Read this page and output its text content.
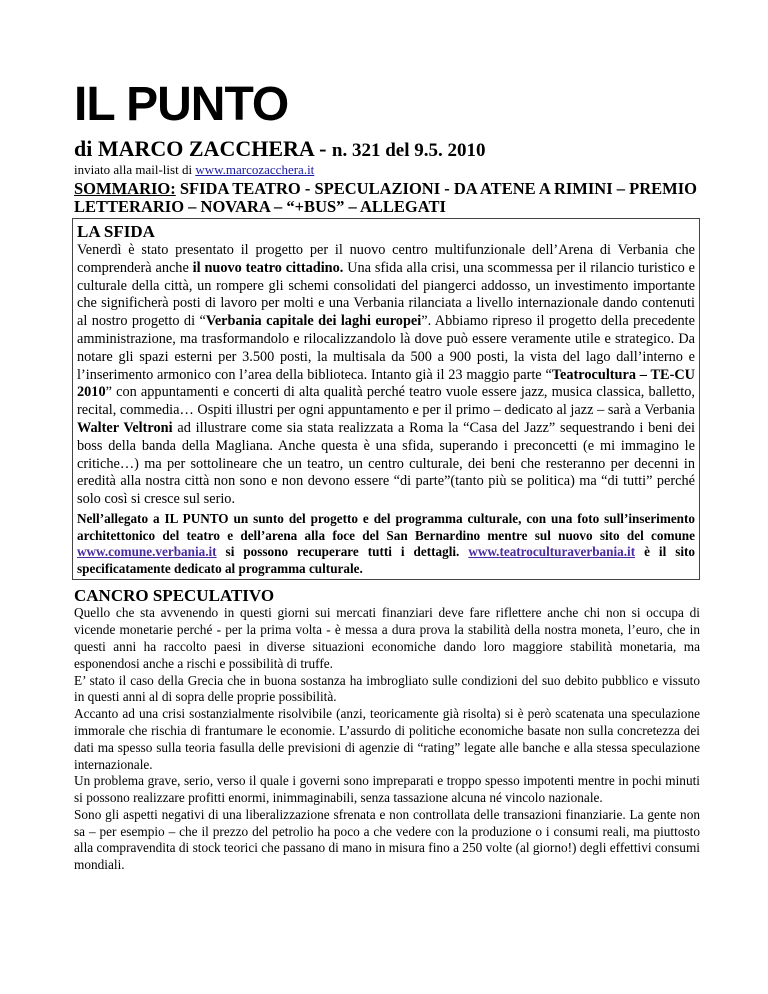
IL PUNTO
di MARCO ZACCHERA - n. 321 del 9.5. 2010
inviato alla mail-list di www.marcozacchera.it
SOMMARIO: SFIDA TEATRO - SPECULAZIONI - DA ATENE A RIMINI – PREMIO LETTERARIO – NOVARA – “+BUS” – ALLEGATI
LA SFIDA
Venerdì è stato presentato il progetto per il nuovo centro multifunzionale dell’Arena di Verbania che comprenderà anche il nuovo teatro cittadino. Una sfida alla crisi, una scommessa per il rilancio turistico e culturale della città, un rompere gli schemi consolidati del piangerci addosso, un investimento importante che significherà posti di lavoro per molti e una Verbania rilanciata a livello internazionale dando contenuti al nostro progetto di “Verbania capitale dei laghi europei”. Abbiamo ripreso il progetto della precedente amministrazione, ma trasformandolo e rilocalizzandolo là dove può essere veramente utile e strategico. Da notare gli spazi esterni per 3.500 posti, la multisala da 500 a 900 posti, la vista del lago dall’interno e l’inserimento armonico con l’area della biblioteca. Intanto già il 23 maggio parte “Teatrocultura – TE-CU 2010” con appuntamenti e concerti di alta qualità perché teatro vuole essere jazz, musica classica, balletto, recital, commedia… Ospiti illustri per ogni appuntamento e per il primo – dedicato al jazz – sarà a Verbania Walter Veltroni ad illustrare come sia stata realizzata a Roma la “Casa del Jazz” sequestrando i beni dei boss della banda della Magliana. Anche questa è una sfida, superando i preconcetti (e mi immagino le critiche…) ma per sottolineare che un teatro, un centro culturale, dei beni che resteranno per decenni in eredità alla nostra città non sono e non devono essere “di parte”(tanto più se politica) ma “di tutti” perché solo così si cresce sul serio.
Nell’allegato a IL PUNTO un sunto del progetto e del programma culturale, con una foto sull’inserimento architettonico del teatro e dell’arena alla foce del San Bernardino mentre sul nuovo sito del comune www.comune.verbania.it si possono recuperare tutti i dettagli. www.teatroculturaverbania.it è il sito specificatamente dedicato al programma culturale.
CANCRO SPECULATIVO

Quello che sta avvenendo in questi giorni sui mercati finanziari deve fare riflettere anche chi non si occupa di vicende monetarie perché - per la prima volta - è messa a dura prova la stabilità della nostra moneta, l’euro, che in questi anni ha raccolto paesi in diverse situazioni economiche dando loro maggiore stabilità monetaria, ma esponendosi anche a rischi e possibilità di truffe.

E’ stato il caso della Grecia che in buona sostanza ha imbrogliato sulle condizioni del suo debito pubblico e vissuto in questi anni al di sopra delle proprie possibilità.

Accanto ad una crisi sostanzialmente risolvibile (anzi, teoricamente già risolta) si è però scatenata una speculazione immorale che rischia di frantumare le economie. L’assurdo di politiche economiche basate non sulla concretezza dei dati ma spesso sulla teoria fasulla delle previsioni di agenzie di “rating” legate alle banche e alla stessa speculazione internazionale.

Un problema grave, serio, verso il quale i governi sono impreparati e troppo spesso impotenti mentre in pochi minuti si possono realizzare profitti enormi, inimmaginabili, senza tassazione alcuna né vincolo nazionale.

Sono gli aspetti negativi di una liberalizzazione sfrenata e non controllata delle transazioni finanziarie. La gente non sa – per esempio – che il prezzo del petrolio ha poco a che vedere con la produzione o i consumi reali, ma piuttosto alla compravendita di stock teorici che passano di mano in misura fino a 250 volte (al giorno!) degli effettivi consumi mondiali.
